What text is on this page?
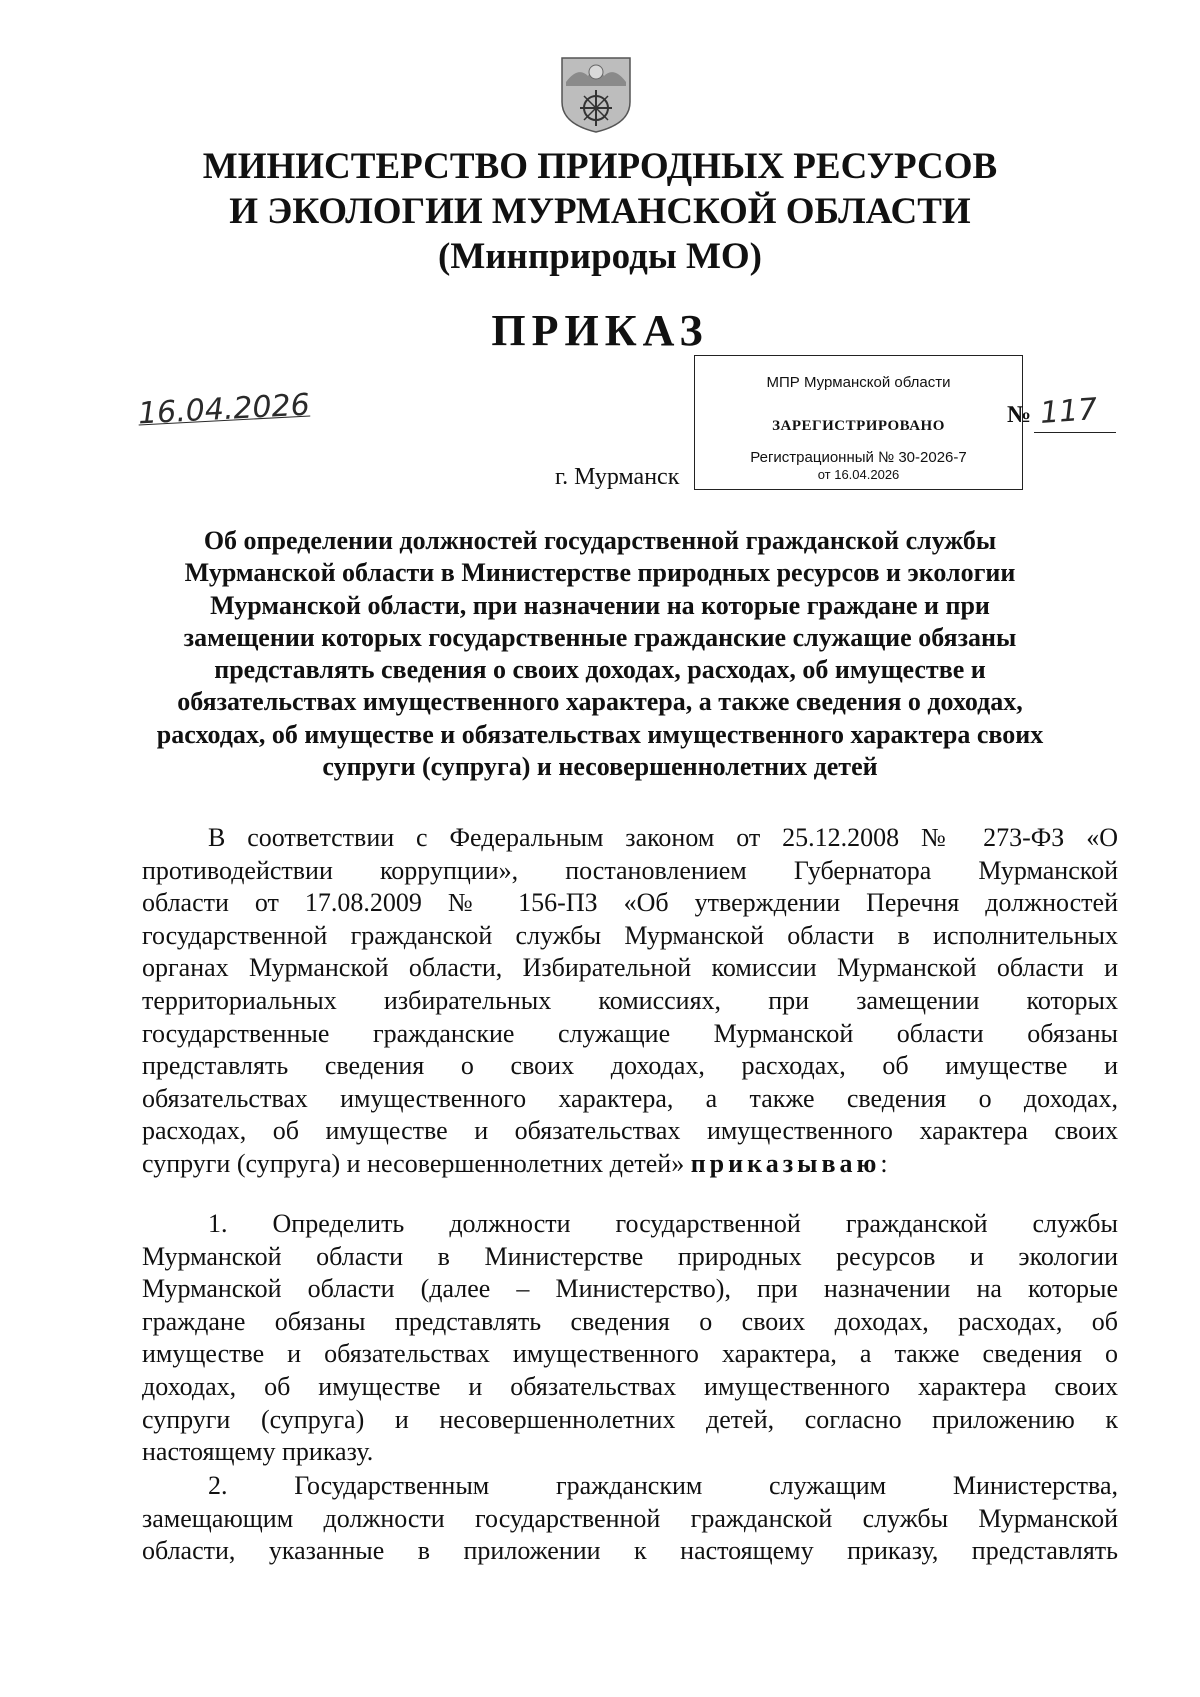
МИНИСТЕРСТВО ПРИРОДНЫХ РЕСУРСОВ
И ЭКОЛОГИИ МУРМАНСКОЙ ОБЛАСТИ
(Минприроды МО)
ПРИКАЗ
16.04.2026
МПР Мурманской области
ЗАРЕГИСТРИРОВАНО
Регистрационный № 30-2026-7
от 16.04.2026
№ 117
г. Мурманск
Об определении должностей государственной гражданской службы
Мурманской области в Министерстве природных ресурсов и экологии
Мурманской области, при назначении на которые граждане и при
замещении которых государственные гражданские служащие обязаны
представлять сведения о своих доходах, расходах, об имуществе и
обязательствах имущественного характера, а также сведения о доходах,
расходах, об имуществе и обязательствах имущественного характера своих
супруги (супруга) и несовершеннолетних детей
В соответствии с Федеральным законом от 25.12.2008 № 273-ФЗ «О
противодействии коррупции», постановлением Губернатора Мурманской
области от 17.08.2009 № 156-ПЗ «Об утверждении Перечня должностей
государственной гражданской службы Мурманской области в исполнительных
органах Мурманской области, Избирательной комиссии Мурманской области и
территориальных избирательных комиссиях, при замещении которых
государственные гражданские служащие Мурманской области обязаны
представлять сведения о своих доходах, расходах, об имуществе и
обязательствах имущественного характера, а также сведения о доходах,
расходах, об имуществе и обязательствах имущественного характера своих
супруги (супруга) и несовершеннолетних детей» приказываю:
1. Определить должности государственной гражданской службы
Мурманской области в Министерстве природных ресурсов и экологии
Мурманской области (далее – Министерство), при назначении на которые
граждане обязаны представлять сведения о своих доходах, расходах, об
имуществе и обязательствах имущественного характера, а также сведения о
доходах, об имуществе и обязательствах имущественного характера своих
супруги (супруга) и несовершеннолетних детей, согласно приложению к
настоящему приказу.
2. Государственным гражданским служащим Министерства,
замещающим должности государственной гражданской службы Мурманской
области, указанные в приложении к настоящему приказу, представлять
